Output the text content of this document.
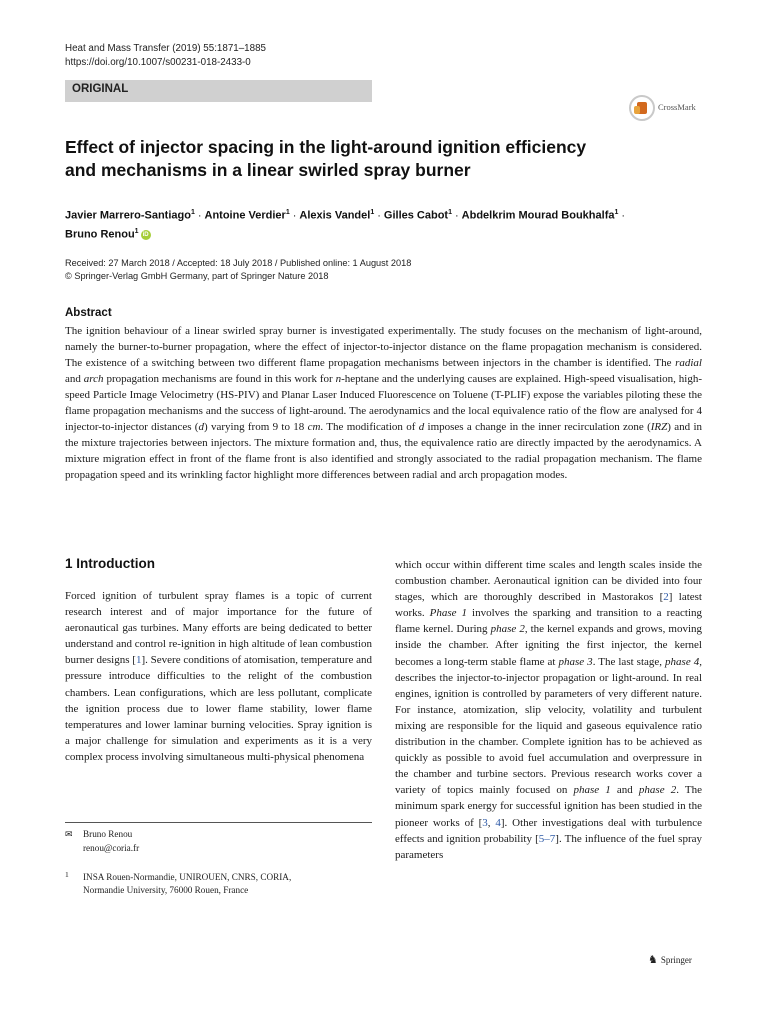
Heat and Mass Transfer (2019) 55:1871–1885
https://doi.org/10.1007/s00231-018-2433-0
ORIGINAL
CrossMark
Effect of injector spacing in the light-around ignition efficiency
and mechanisms in a linear swirled spray burner
Javier Marrero-Santiago$^1$ · Antoine Verdier$^1$ · Alexis Vandel$^1$ · Gilles Cabot$^1$ · Abdelkrim Mourad Boukhalfa$^1$ ·
Bruno Renou$^1$iD
Received: 27 March 2018 / Accepted: 18 July 2018 / Published online: 1 August 2018
© Springer-Verlag GmbH Germany, part of Springer Nature 2018
Abstract
The ignition behaviour of a linear swirled spray burner is investigated experimentally. The study focuses on the mechanism of light-around, namely the burner-to-burner propagation, where the effect of injector-to-injector distance on the flame propagation mechanism is considered. The existence of a switching between two different flame propagation mechanisms between injectors in the chamber is identified. The radial and arch propagation mechanisms are found in this work for n-heptane and the underlying causes are explained. High-speed visualisation, high-speed Particle Image Velocimetry (HS-PIV) and Planar Laser Induced Fluorescence on Toluene (T-PLIF) expose the variables piloting these the flame propagation mechanisms and the success of light-around. The aerodynamics and the local equivalence ratio of the flow are analysed for 4 injector-to-injector distances (d) varying from 9 to 18 cm. The modification of d imposes a change in the inner recirculation zone (IRZ) and in the mixture trajectories between injectors. The mixture formation and, thus, the equivalence ratio are directly impacted by the aerodynamics. A mixture migration effect in front of the flame front is also identified and strongly associated to the radial propagation mechanism. The flame propagation speed and its wrinkling factor highlight more differences between radial and arch propagation modes.
1 Introduction
Forced ignition of turbulent spray flames is a topic of current research interest and of major importance for the future of aeronautical gas turbines. Many efforts are being dedicated to better understand and control re-ignition in high altitude of lean combustion burner designs [1]. Severe conditions of atomisation, temperature and pressure introduce difficulties to the relight of the combustion chambers. Lean configurations, which are less pollutant, complicate the ignition process due to lower flame stability, lower flame temperatures and lower laminar burning velocities. Spray ignition is a major challenge for simulation and experiments as it is a very complex process involving simultaneous multi-physical phenomena
which occur within different time scales and length scales inside the combustion chamber. Aeronautical ignition can be divided into four stages, which are thoroughly described in Mastorakos [2] latest works. Phase 1 involves the sparking and transition to a reacting flame kernel. During phase 2, the kernel expands and grows, moving inside the chamber. After igniting the first injector, the kernel becomes a long-term stable flame at phase 3. The last stage, phase 4, describes the injector-to-injector propagation or light-around. In real engines, ignition is controlled by parameters of very different nature. For instance, atomization, slip velocity, volatility and turbulent mixing are responsible for the liquid and gaseous equivalence ratio distribution in the chamber. Complete ignition has to be achieved as quickly as possible to avoid fuel accumulation and overpressure in the chamber and turbine sectors. Previous research works cover a variety of topics mainly focused on phase 1 and phase 2. The minimum spark energy for successful ignition has been studied in the pioneer works of [3, 4]. Other investigations deal with turbulence effects and ignition probability [5–7]. The influence of the fuel spray parameters
✉ Bruno Renou
renou@coria.fr
1 INSA Rouen-Normandie, UNIROUEN, CNRS, CORIA,
Normandie University, 76000 Rouen, France
♞ Springer
